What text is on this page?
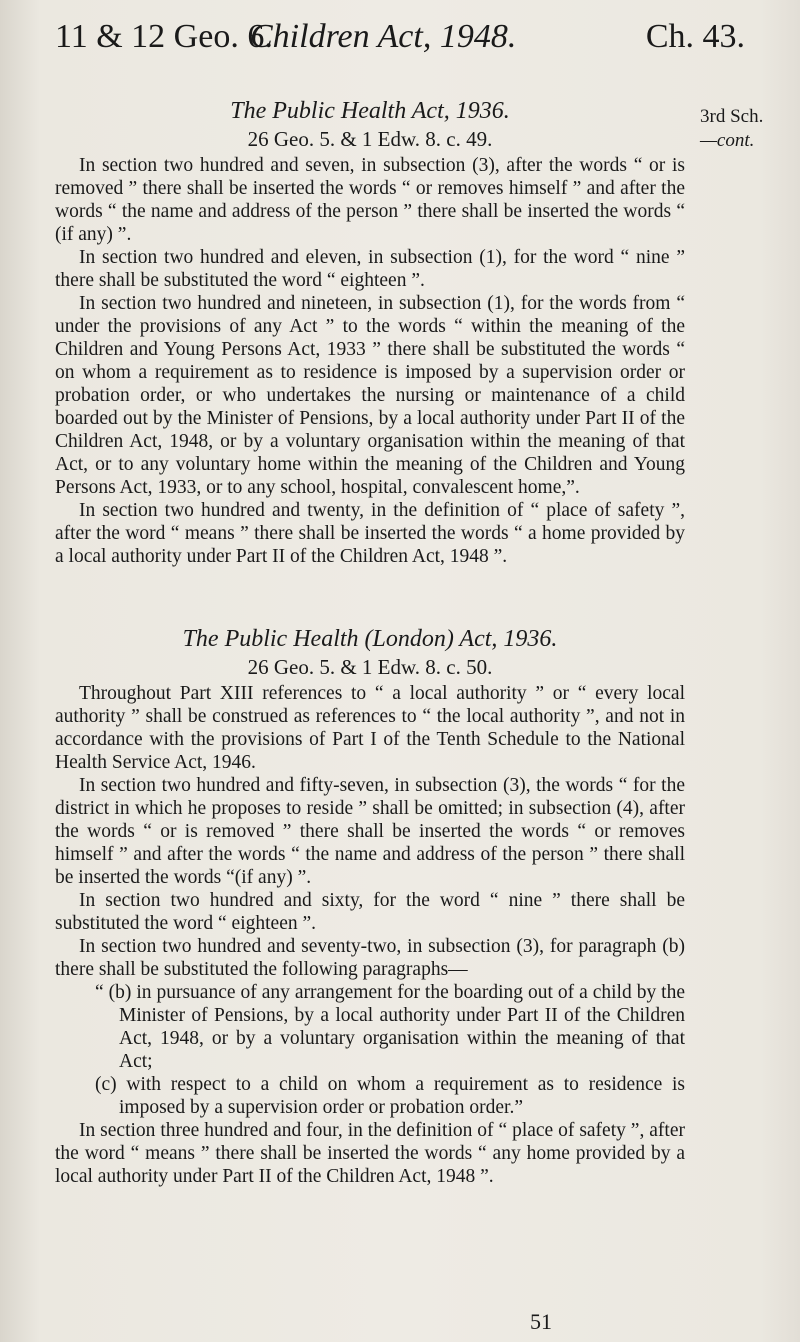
11 & 12 Geo. 6.
Children Act, 1948.	Ch. 43.
3rd Sch.
—cont.

The Public Health Act, 1936.

26 Geo. 5. & 1 Edw. 8. c. 49.

In section two hundred and seven, in subsection (3), after the words “ or is removed ” there shall be inserted the words “ or removes himself ” and after the words “ the name and address of the person ” there shall be inserted the words “ (if any) ”.

In section two hundred and eleven, in subsection (1), for the word “ nine ” there shall be substituted the word “ eighteen ”.

In section two hundred and nineteen, in subsection (1), for the words from “ under the provisions of any Act ” to the words “ within the meaning of the Children and Young Persons Act, 1933 ” there shall be substituted the words “ on whom a requirement as to residence is imposed by a supervision order or probation order, or who undertakes the nursing or maintenance of a child boarded out by the Minister of Pensions, by a local authority under Part II of the Children Act, 1948, or by a voluntary organisation within the meaning of that Act, or to any voluntary home within the meaning of the Children and Young Persons Act, 1933, or to any school, hospital, convalescent home,”.

In section two hundred and twenty, in the definition of “ place of safety ”, after the word “ means ” there shall be inserted the words “ a home provided by a local authority under Part II of the Children Act, 1948 ”.

The Public Health (London) Act, 1936.

26 Geo. 5. & 1 Edw. 8. c. 50.

Throughout Part XIII references to “ a local authority ” or “ every local authority ” shall be construed as references to “ the local authority ”, and not in accordance with the provisions of Part I of the Tenth Schedule to the National Health Service Act, 1946.

In section two hundred and fifty-seven, in subsection (3), the words “ for the district in which he proposes to reside ” shall be omitted; in subsection (4), after the words “ or is removed ” there shall be inserted the words “ or removes himself ” and after the words “ the name and address of the person ” there shall be inserted the words “(if any) ”.

In section two hundred and sixty, for the word “ nine ” there shall be substituted the word “ eighteen ”.

In section two hundred and seventy-two, in subsection (3), for paragraph (b) there shall be substituted the following paragraphs—

“ (b) in pursuance of any arrangement for the boarding out of a child by the Minister of Pensions, by a local authority under Part II of the Children Act, 1948, or by a voluntary organisation within the meaning of that Act;

(c) with respect to a child on whom a requirement as to residence is imposed by a supervision order or probation order.”

In section three hundred and four, in the definition of “ place of safety ”, after the word “ means ” there shall be inserted the words “ any home provided by a local authority under Part II of the Children Act, 1948 ”.

51
